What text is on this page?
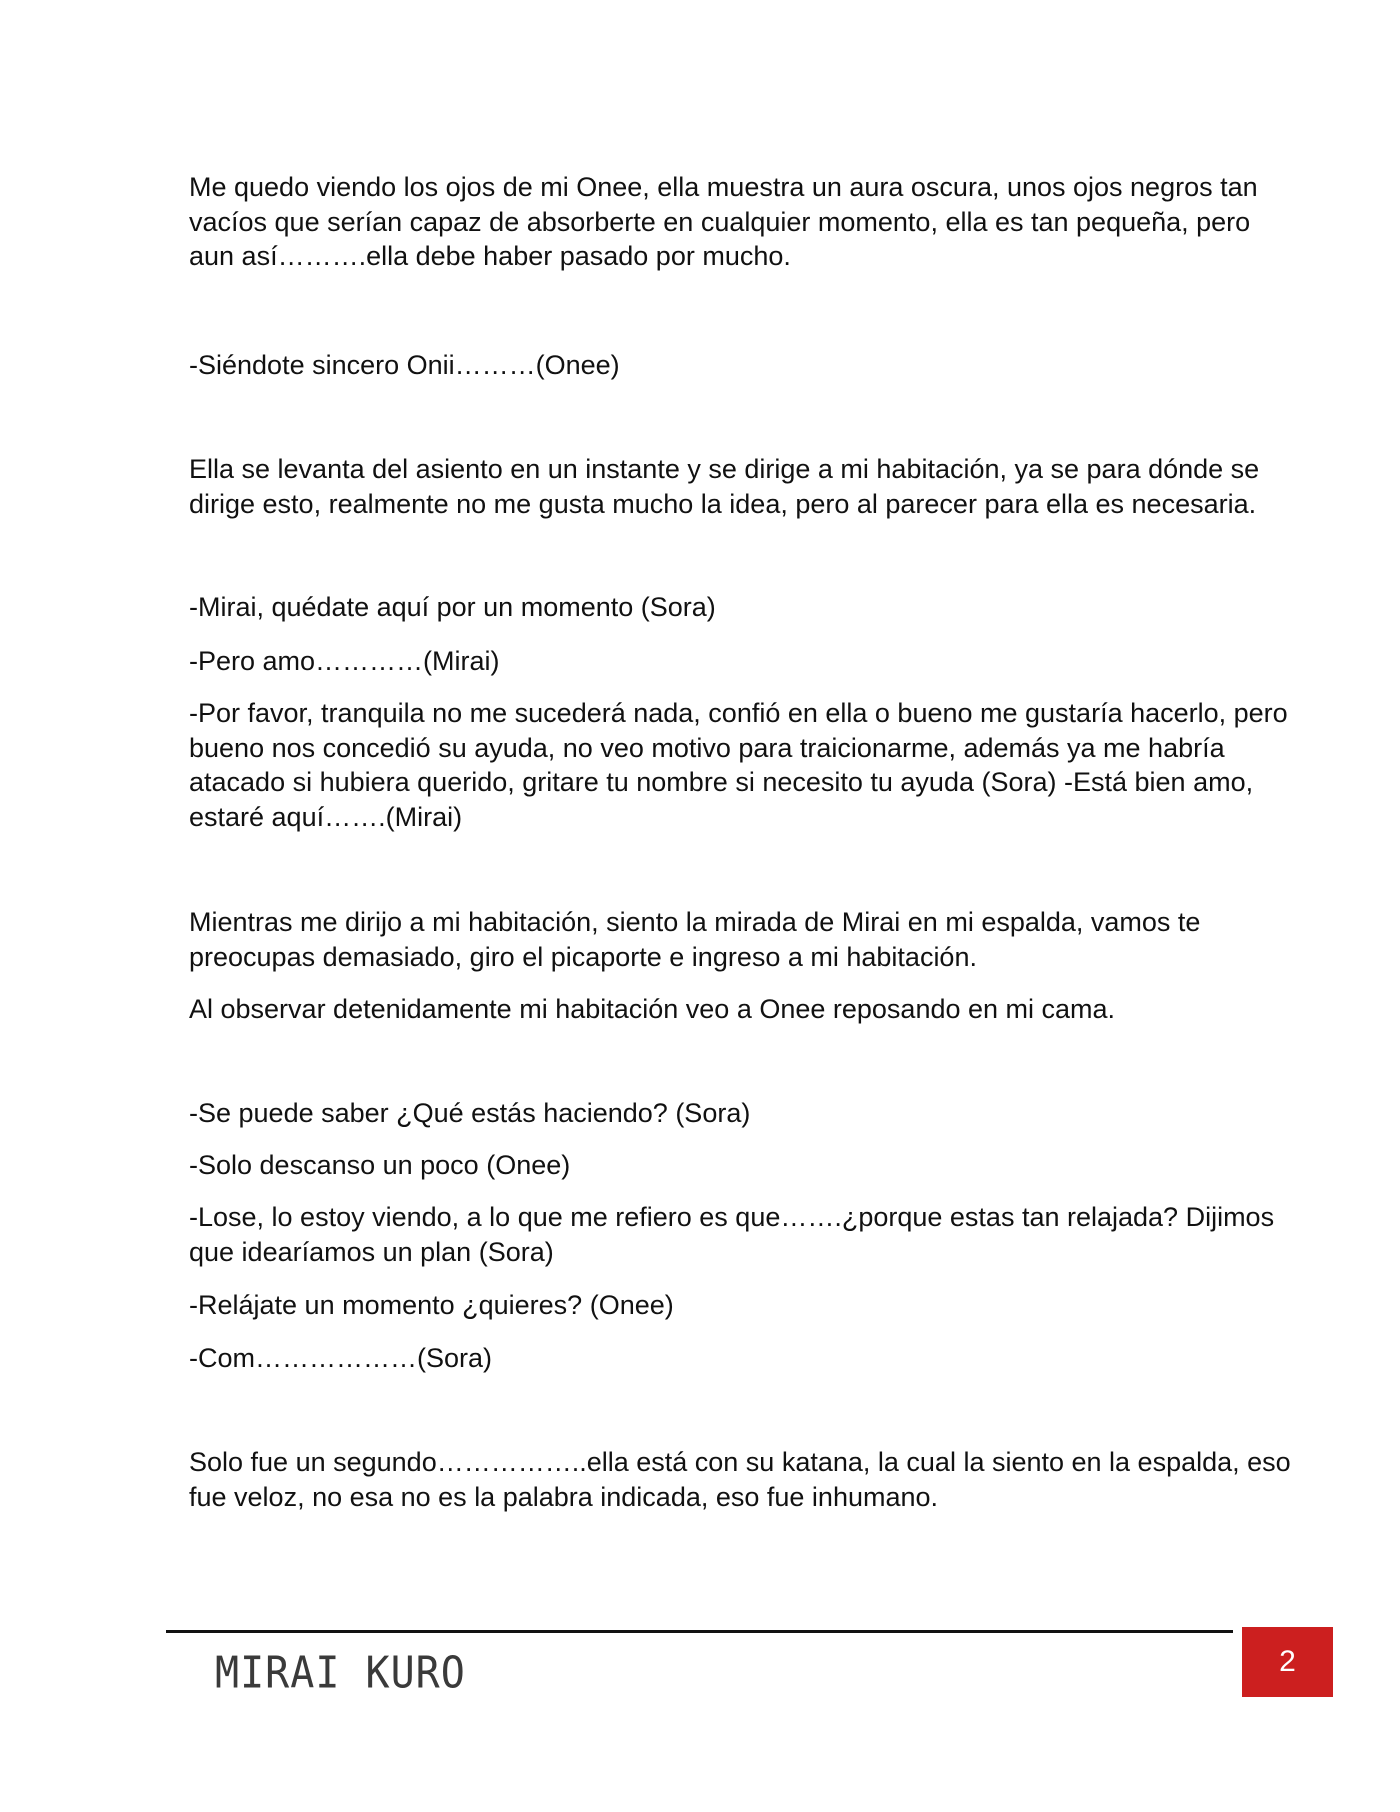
Me quedo viendo los ojos de mi Onee, ella muestra un aura oscura, unos ojos negros tan vacíos que serían capaz de absorberte en cualquier momento, ella es tan pequeña, pero aun así……….ella debe haber pasado por mucho.

-Siéndote sincero Onii………(Onee)

Ella se levanta del asiento en un instante y se dirige a mi habitación, ya se para dónde se dirige esto, realmente no me gusta mucho la idea, pero al parecer para ella es necesaria.

-Mirai, quédate aquí por un momento (Sora)

-Pero amo…………(Mirai)

-Por favor, tranquila no me sucederá nada, confió en ella o bueno me gustaría hacerlo, pero bueno nos concedió su ayuda, no veo motivo para traicionarme, además ya me habría atacado si hubiera querido, gritare tu nombre si necesito tu ayuda (Sora) -Está bien amo, estaré aquí…….(Mirai)

Mientras me dirijo a mi habitación, siento la mirada de Mirai en mi espalda, vamos te preocupas demasiado, giro el picaporte e ingreso a mi habitación.

Al observar detenidamente mi habitación veo a Onee reposando en mi cama.

-Se puede saber ¿Qué estás haciendo? (Sora)

-Solo descanso un poco (Onee)

-Lose, lo estoy viendo, a lo que me refiero es que…….¿porque estas tan relajada? Dijimos que idearíamos un plan (Sora)

-Relájate un momento ¿quieres? (Onee)

-Com………………(Sora)

Solo fue un segundo……………..ella está con su katana, la cual la siento en la espalda, eso fue veloz, no esa no es la palabra indicada, eso fue inhumano.

MIRAI KURO	2
